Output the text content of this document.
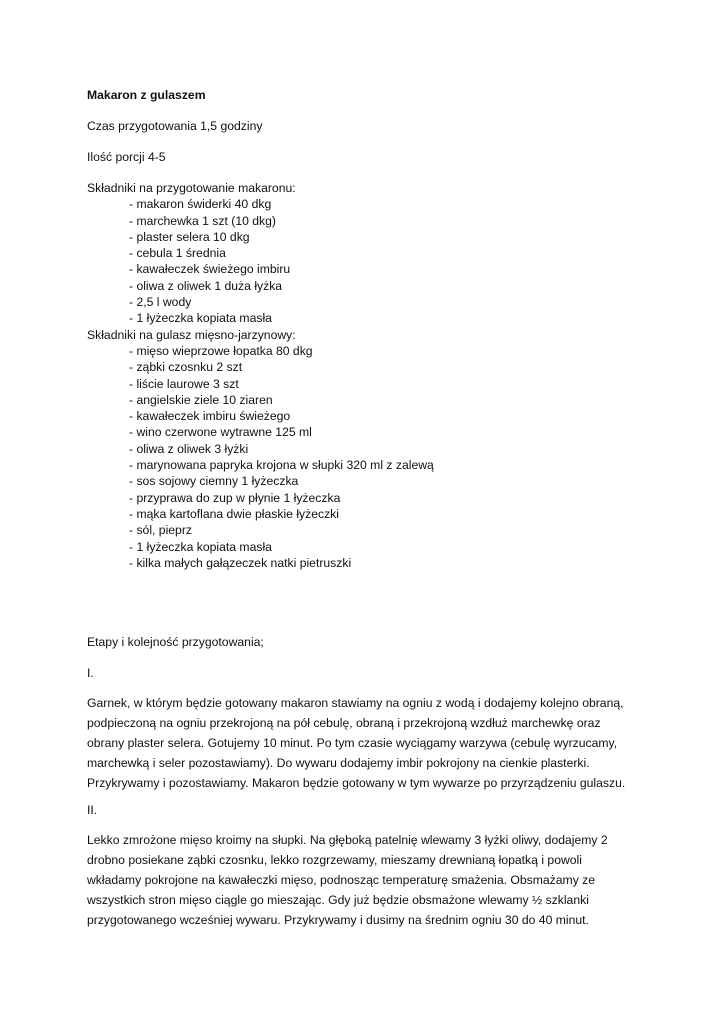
Makaron z gulaszem
Czas przygotowania 1,5 godziny
Ilość porcji 4-5
Składniki na przygotowanie makaronu:
- makaron świderki 40 dkg
- marchewka 1 szt (10 dkg)
- plaster selera 10 dkg
- cebula 1 średnia
- kawałeczek świeżego imbiru
- oliwa z oliwek 1 duża łyżka
- 2,5 l wody
- 1 łyżeczka kopiata masła
Składniki na gulasz mięsno-jarzynowy:
- mięso wieprzowe łopatka 80 dkg
- ząbki czosnku 2 szt
- liście laurowe 3 szt
- angielskie ziele 10 ziaren
- kawałeczek imbiru świeżego
- wino czerwone wytrawne 125 ml
- oliwa z oliwek 3 łyżki
- marynowana papryka krojona w słupki 320 ml z zalewą
- sos sojowy ciemny 1 łyżeczka
- przyprawa do zup w płynie 1 łyżeczka
- mąka kartoflana dwie płaskie łyżeczki
- sól, pieprz
- 1 łyżeczka kopiata masła
- kilka małych gałązeczek natki pietruszki
Etapy i kolejność przygotowania;
I.
Garnek, w którym będzie gotowany makaron stawiamy na ogniu z wodą i dodajemy kolejno obraną,
podpieczoną na ogniu przekrojoną na pół cebulę, obraną i przekrojoną wzdłuż marchewkę oraz
obrany plaster selera. Gotujemy 10 minut. Po tym czasie wyciągamy warzywa (cebulę wyrzucamy,
marchewką i seler pozostawiamy). Do wywaru dodajemy imbir pokrojony na cienkie plasterki.
Przykrywamy i pozostawiamy. Makaron będzie gotowany w tym wywarze po przyrządzeniu gulaszu.
II.
Lekko zmrożone mięso kroimy na słupki. Na głęboką patelnię wlewamy 3 łyżki oliwy, dodajemy 2
drobno posiekane ząbki czosnku, lekko rozgrzewamy, mieszamy drewnianą łopatką i powoli
wkładamy pokrojone na kawałeczki mięso, podnosząc temperaturę smażenia. Obsmażamy ze
wszystkich stron mięso ciągle go mieszając. Gdy już będzie obsmażone wlewamy ½ szklanki
przygotowanego wcześniej wywaru. Przykrywamy i dusimy na średnim ogniu 30 do 40 minut.
